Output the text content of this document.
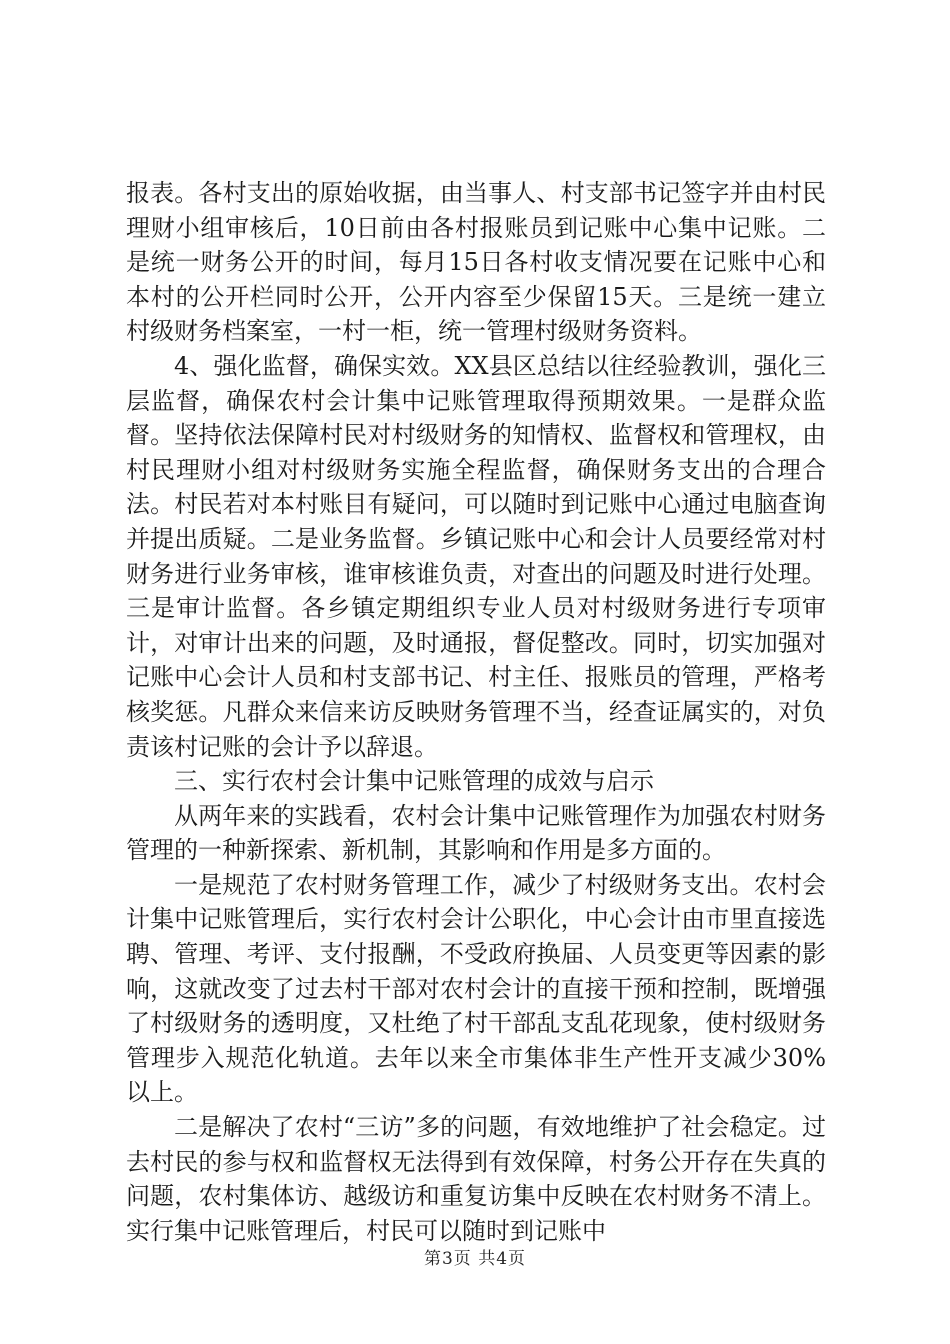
报表。各村支出的原始收据，由当事人、村支部书记签字并由村民理财小组审核后，10日前由各村报账员到记账中心集中记账。二是统一财务公开的时间，每月15日各村收支情况要在记账中心和本村的公开栏同时公开，公开内容至少保留15天。三是统一建立村级财务档案室，一村一柜，统一管理村级财务资料。

4、强化监督，确保实效。XX县区总结以往经验教训，强化三层监督，确保农村会计集中记账管理取得预期效果。一是群众监督。坚持依法保障村民对村级财务的知情权、监督权和管理权，由村民理财小组对村级财务实施全程监督，确保财务支出的合理合法。村民若对本村账目有疑问，可以随时到记账中心通过电脑查询并提出质疑。二是业务监督。乡镇记账中心和会计人员要经常对村财务进行业务审核，谁审核谁负责，对查出的问题及时进行处理。三是审计监督。各乡镇定期组织专业人员对村级财务进行专项审计，对审计出来的问题，及时通报，督促整改。同时，切实加强对记账中心会计人员和村支部书记、村主任、报账员的管理，严格考核奖惩。凡群众来信来访反映财务管理不当，经查证属实的，对负责该村记账的会计予以辞退。

三、实行农村会计集中记账管理的成效与启示

从两年来的实践看，农村会计集中记账管理作为加强农村财务管理的一种新探索、新机制，其影响和作用是多方面的。

一是规范了农村财务管理工作，减少了村级财务支出。农村会计集中记账管理后，实行农村会计公职化，中心会计由市里直接选聘、管理、考评、支付报酬，不受政府换届、人员变更等因素的影响，这就改变了过去村干部对农村会计的直接干预和控制，既增强了村级财务的透明度，又杜绝了村干部乱支乱花现象，使村级财务管理步入规范化轨道。去年以来全市集体非生产性开支减少30%以上。

二是解决了农村“三访”多的问题，有效地维护了社会稳定。过去村民的参与权和监督权无法得到有效保障，村务公开存在失真的问题，农村集体访、越级访和重复访集中反映在农村财务不清上。实行集中记账管理后，村民可以随时到记账中

第3页 共4页
